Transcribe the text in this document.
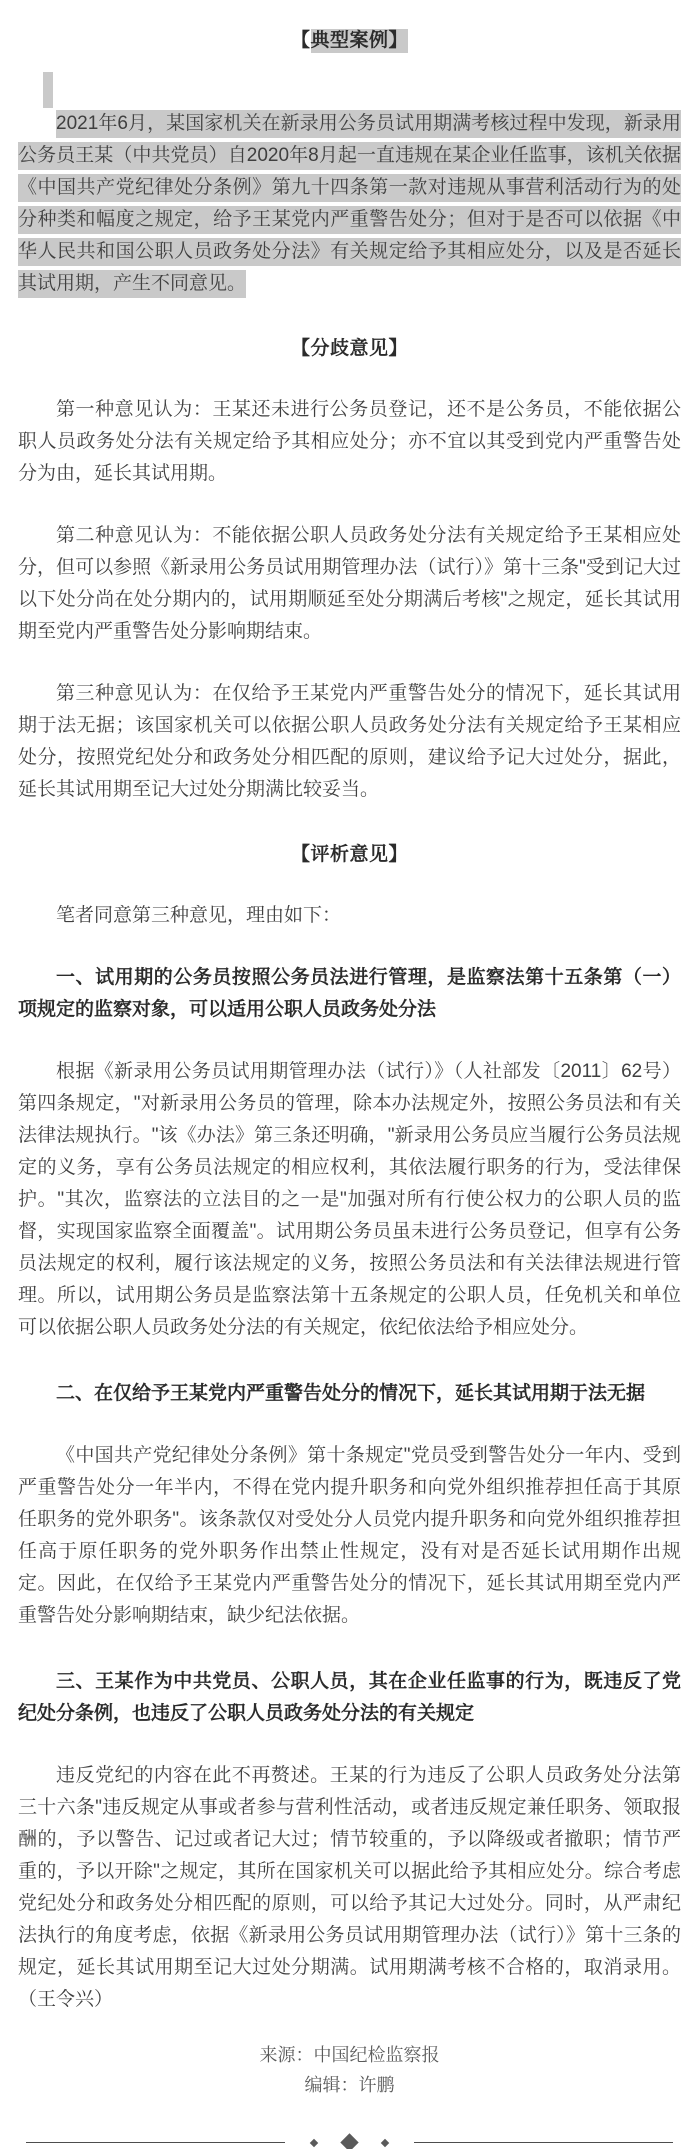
【典型案例】

2021年6月，某国家机关在新录用公务员试用期满考核过程中发现，新录用公务员王某（中共党员）自2020年8月起一直违规在某企业任监事，该机关依据《中国共产党纪律处分条例》第九十四条第一款对违规从事营利活动行为的处分种类和幅度之规定，给予王某党内严重警告处分；但对于是否可以依据《中华人民共和国公职人员政务处分法》有关规定给予其相应处分，以及是否延长其试用期，产生不同意见。

【分歧意见】

第一种意见认为：王某还未进行公务员登记，还不是公务员，不能依据公职人员政务处分法有关规定给予其相应处分；亦不宜以其受到党内严重警告处分为由，延长其试用期。

第二种意见认为：不能依据公职人员政务处分法有关规定给予王某相应处分，但可以参照《新录用公务员试用期管理办法（试行）》第十三条"受到记大过以下处分尚在处分期内的，试用期顺延至处分期满后考核"之规定，延长其试用期至党内严重警告处分影响期结束。

第三种意见认为：在仅给予王某党内严重警告处分的情况下，延长其试用期于法无据；该国家机关可以依据公职人员政务处分法有关规定给予王某相应处分，按照党纪处分和政务处分相匹配的原则，建议给予记大过处分，据此，延长其试用期至记大过处分期满比较妥当。

【评析意见】

笔者同意第三种意见，理由如下：

一、试用期的公务员按照公务员法进行管理，是监察法第十五条第（一）项规定的监察对象，可以适用公职人员政务处分法

根据《新录用公务员试用期管理办法（试行）》（人社部发〔2011〕62号）第四条规定，"对新录用公务员的管理，除本办法规定外，按照公务员法和有关法律法规执行。"该《办法》第三条还明确，"新录用公务员应当履行公务员法规定的义务，享有公务员法规定的相应权利，其依法履行职务的行为，受法律保护。"其次，监察法的立法目的之一是"加强对所有行使公权力的公职人员的监督，实现国家监察全面覆盖"。试用期公务员虽未进行公务员登记，但享有公务员法规定的权利，履行该法规定的义务，按照公务员法和有关法律法规进行管理。所以，试用期公务员是监察法第十五条规定的公职人员，任免机关和单位可以依据公职人员政务处分法的有关规定，依纪依法给予相应处分。

二、在仅给予王某党内严重警告处分的情况下，延长其试用期于法无据

《中国共产党纪律处分条例》第十条规定"党员受到警告处分一年内、受到严重警告处分一年半内，不得在党内提升职务和向党外组织推荐担任高于其原任职务的党外职务"。该条款仅对受处分人员党内提升职务和向党外组织推荐担任高于原任职务的党外职务作出禁止性规定，没有对是否延长试用期作出规定。因此，在仅给予王某党内严重警告处分的情况下，延长其试用期至党内严重警告处分影响期结束，缺少纪法依据。

三、王某作为中共党员、公职人员，其在企业任监事的行为，既违反了党纪处分条例，也违反了公职人员政务处分法的有关规定

违反党纪的内容在此不再赘述。王某的行为违反了公职人员政务处分法第三十六条"违反规定从事或者参与营利性活动，或者违反规定兼任职务、领取报酬的，予以警告、记过或者记大过；情节较重的，予以降级或者撤职；情节严重的，予以开除"之规定，其所在国家机关可以据此给予其相应处分。综合考虑党纪处分和政务处分相匹配的原则，可以给予其记大过处分。同时，从严肃纪法执行的角度考虑，依据《新录用公务员试用期管理办法（试行）》第十三条的规定，延长其试用期至记大过处分期满。试用期满考核不合格的，取消录用。（王令兴）

来源：中国纪检监察报

编辑：许鹏
